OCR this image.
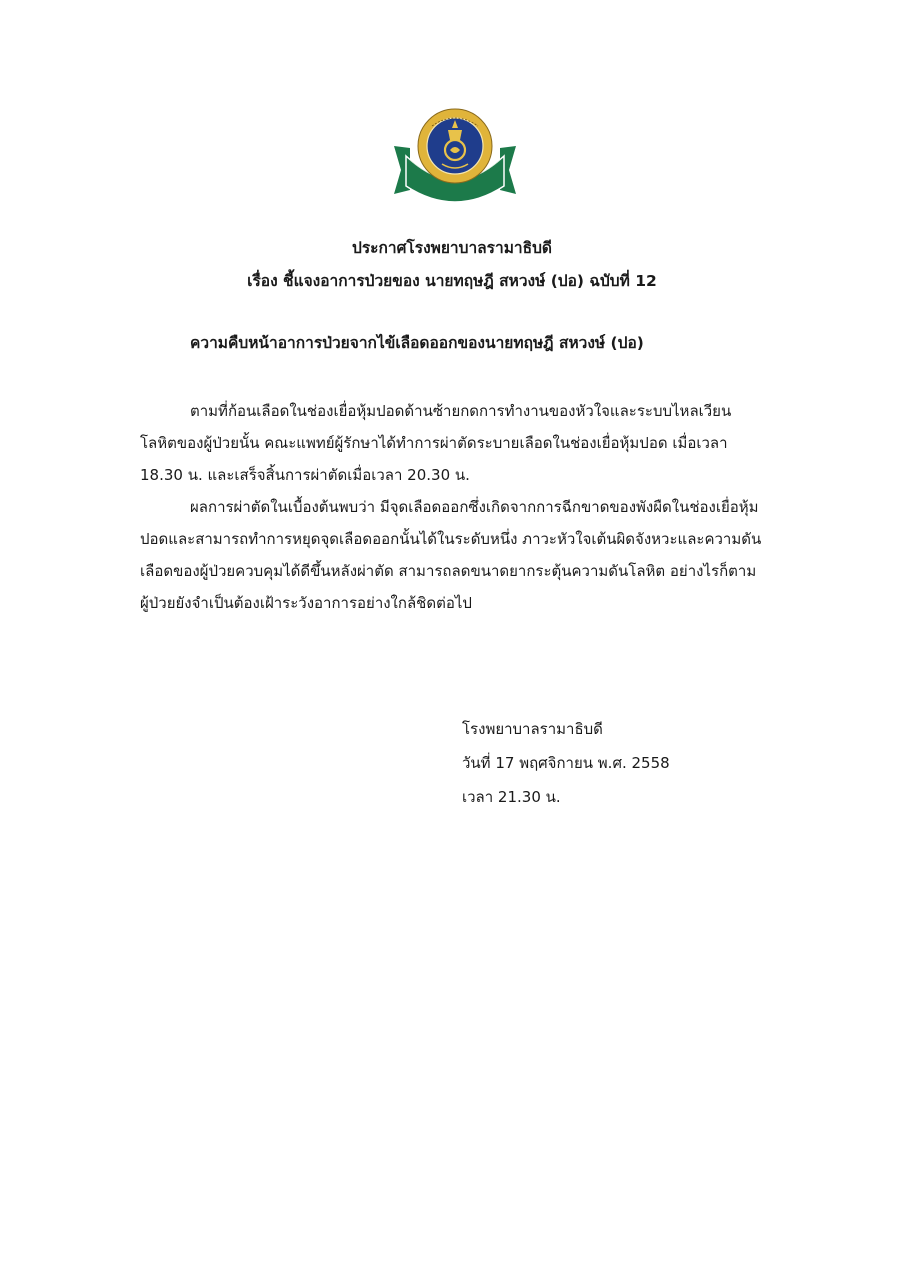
ประกาศโรงพยาบาลรามาธิบดี
เรื่อง ชี้แจงอาการป่วยของ นายทฤษฎี สหวงษ์ (ปอ) ฉบับที่ 12
ความคืบหน้าอาการป่วยจากไข้เลือดออกของนายทฤษฎี สหวงษ์ (ปอ)

ตามที่ก้อนเลือดในช่องเยื่อหุ้มปอดด้านซ้ายกดการทำงานของหัวใจและระบบไหลเวียน
โลหิตของผู้ป่วยนั้น คณะแพทย์ผู้รักษาได้ทำการผ่าตัดระบายเลือดในช่องเยื่อหุ้มปอด เมื่อเวลา
18.30 น. และเสร็จสิ้นการผ่าตัดเมื่อเวลา 20.30 น.

ผลการผ่าตัดในเบื้องต้นพบว่า มีจุดเลือดออกซึ่งเกิดจากการฉีกขาดของพังผืดในช่องเยื่อหุ้ม
ปอดและสามารถทำการหยุดจุดเลือดออกนั้นได้ในระดับหนึ่ง ภาวะหัวใจเต้นผิดจังหวะและความดัน
เลือดของผู้ป่วยควบคุมได้ดีขึ้นหลังผ่าตัด สามารถลดขนาดยากระตุ้นความดันโลหิต อย่างไรก็ตาม
ผู้ป่วยยังจำเป็นต้องเฝ้าระวังอาการอย่างใกล้ชิดต่อไป

โรงพยาบาลรามาธิบดี
วันที่ 17 พฤศจิกายน พ.ศ. 2558
เวลา 21.30 น.
